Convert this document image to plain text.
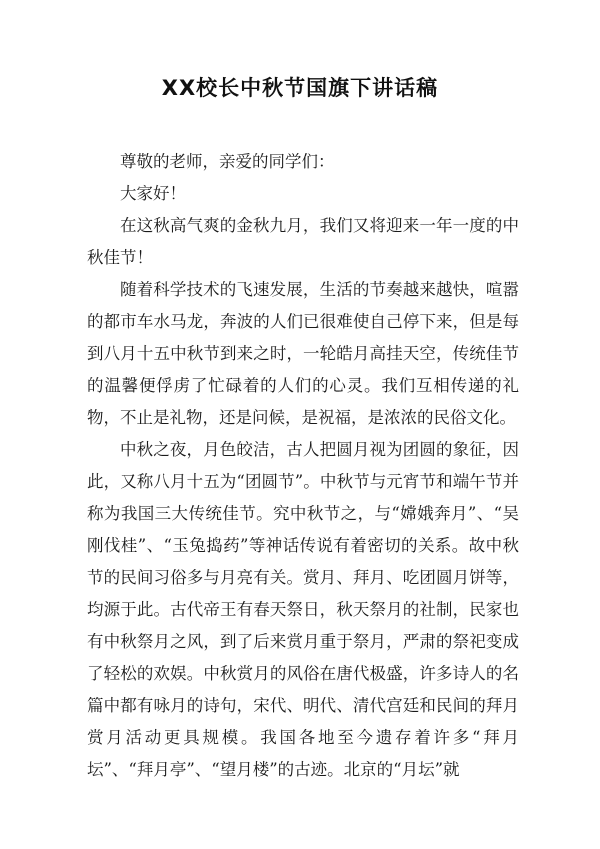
XX校长中秋节国旗下讲话稿

尊敬的老师，亲爱的同学们：

大家好！

在这秋高气爽的金秋九月，我们又将迎来一年一度的中秋佳节！

随着科学技术的飞速发展，生活的节奏越来越快，喧嚣的都市车水马龙，奔波的人们已很难使自己停下来，但是每到八月十五中秋节到来之时，一轮皓月高挂天空，传统佳节的温馨便俘虏了忙碌着的人们的心灵。我们互相传递的礼物，不止是礼物，还是问候，是祝福，是浓浓的民俗文化。

中秋之夜，月色皎洁，古人把圆月视为团圆的象征，因此，又称八月十五为“团圆节”。中秋节与元宵节和端午节并称为我国三大传统佳节。究中秋节之，与“嫦娥奔月”、“吴刚伐桂”、“玉兔捣药”等神话传说有着密切的关系。故中秋节的民间习俗多与月亮有关。赏月、拜月、吃团圆月饼等，均源于此。古代帝王有春天祭日，秋天祭月的社制，民家也有中秋祭月之风，到了后来赏月重于祭月，严肃的祭祀变成了轻松的欢娱。中秋赏月的风俗在唐代极盛，许多诗人的名篇中都有咏月的诗句，宋代、明代、清代宫廷和民间的拜月赏月活动更具规模。我国各地至今遗存着许多“拜月坛”、“拜月亭”、“望月楼”的古迹。北京的“月坛”就
